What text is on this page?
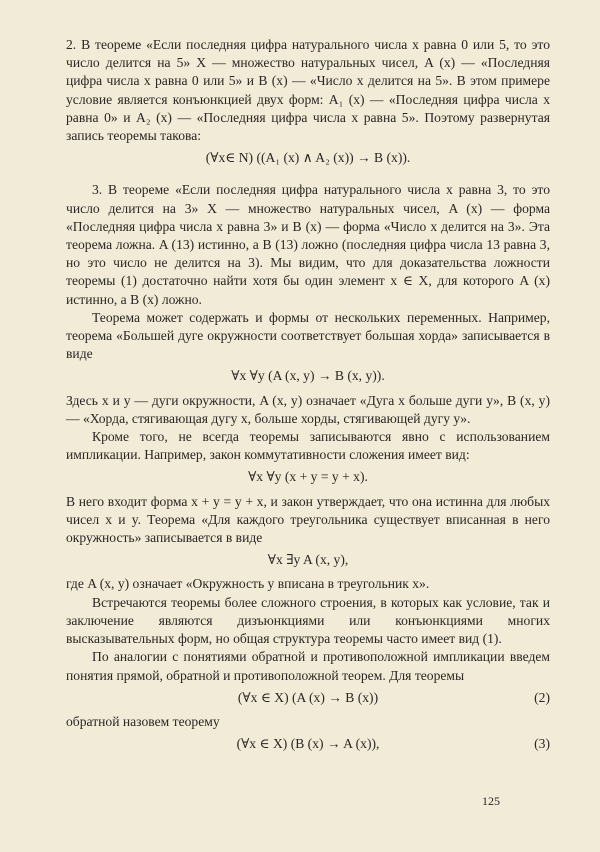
2. В теореме «Если последняя цифра натурального числа x равна 0 или 5, то это число делится на 5» X — множество натуральных чисел, A (x) — «Последняя цифра числа x равна 0 или 5» и B (x) — «Число x делится на 5». В этом примере условие является конъюнкцией двух форм: A₁ (x) — «Последняя цифра числа x равна 0» и A₂ (x) — «Последняя цифра числа x равна 5». Поэтому развернутая запись теоремы такова:

(∀x∈ N) ((A₁ (x) ∧ A₂ (x)) → B (x)).

3. В теореме «Если последняя цифра натурального числа x равна 3, то это число делится на 3» X — множество натуральных чисел, A (x) — форма «Последняя цифра числа x равна 3» и B (x) — форма «Число x делится на 3». Эта теорема ложна. A (13) истинно, а B (13) ложно (последняя цифра числа 13 равна 3, но это число не делится на 3). Мы видим, что для доказательства ложности теоремы (1) достаточно найти хотя бы один элемент x ∈ X, для которого A (x) истинно, а B (x) ложно.

Теорема может содержать и формы от нескольких переменных. Например, теорема «Большей дуге окружности соответствует большая хорда» записывается в виде

∀x ∀y (A (x, y) → B (x, y)).

Здесь x и y — дуги окружности, A (x, y) означает «Дуга x больше дуги y», B (x, y) — «Хорда, стягивающая дугу x, больше хорды, стягивающей дугу y».

Кроме того, не всегда теоремы записываются явно с использованием импликации. Например, закон коммутативности сложения имеет вид:

∀x ∀y (x + y = y + x).

В него входит форма x + y = y + x, и закон утверждает, что она истинна для любых чисел x и y. Теорема «Для каждого треугольника существует вписанная в него окружность» записывается в виде

∀x ∃y A (x, y),

где A (x, y) означает «Окружность y вписана в треугольник x».

Встречаются теоремы более сложного строения, в которых как условие, так и заключение являются дизъюнкциями или конъюнкциями многих высказывательных форм, но общая структура теоремы часто имеет вид (1).

По аналогии с понятиями обратной и противоположной импликации введем понятия прямой, обратной и противоположной теорем. Для теоремы

(∀x ∈ X) (A (x) → B (x))	(2)

обратной назовем теорему

(∀x ∈ X) (B (x) → A (x)),	(3)
125
